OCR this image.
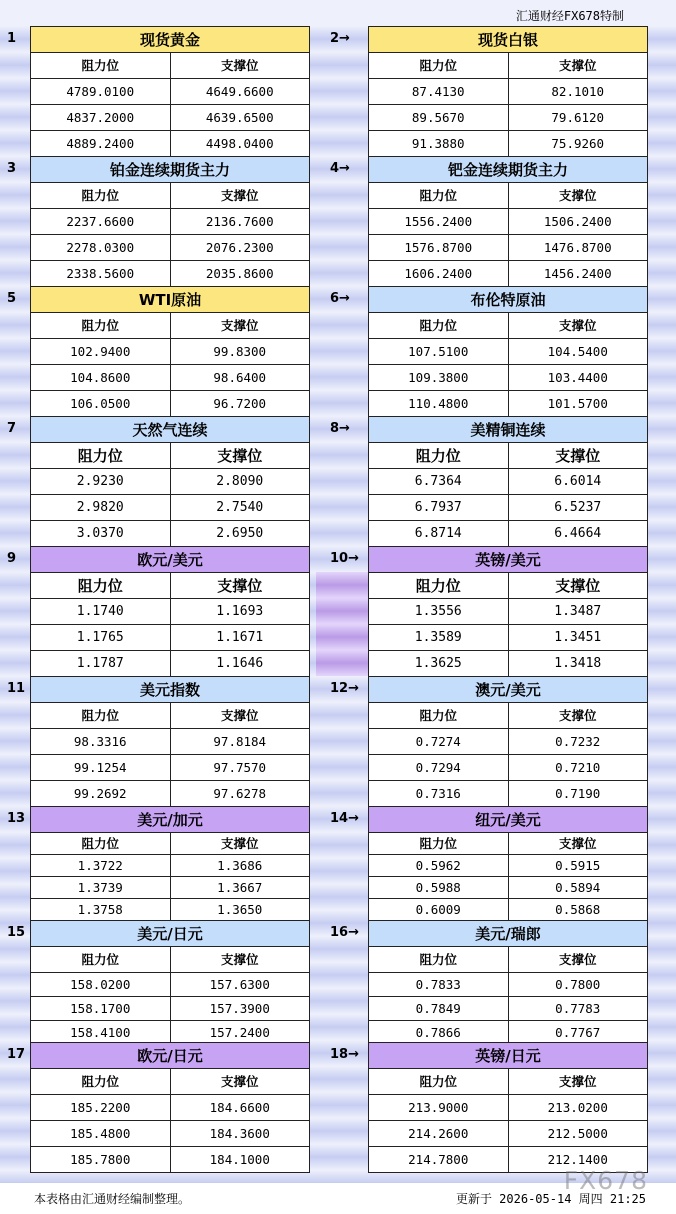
汇通财经FX678特制
1	现货黄金
阻力位	支撑位
4789.0100	4649.6600
4837.2000	4639.6500
4889.2400	4498.0400
2→	现货白银
阻力位	支撑位
87.4130	82.1010
89.5670	79.6120
91.3880	75.9260
3	铂金连续期货主力
阻力位	支撑位
2237.6600	2136.7600
2278.0300	2076.2300
2338.5600	2035.8600
4→	钯金连续期货主力
阻力位	支撑位
1556.2400	1506.2400
1576.8700	1476.8700
1606.2400	1456.2400
5	WTI原油
阻力位	支撑位
102.9400	99.8300
104.8600	98.6400
106.0500	96.7200
6→	布伦特原油
阻力位	支撑位
107.5100	104.5400
109.3800	103.4400
110.4800	101.5700
7	天然气连续
阻力位	支撑位
2.9230	2.8090
2.9820	2.7540
3.0370	2.6950
8→	美精铜连续
阻力位	支撑位
6.7364	6.6014
6.7937	6.5237
6.8714	6.4664
9	欧元/美元
阻力位	支撑位
1.1740	1.1693
1.1765	1.1671
1.1787	1.1646
10→	英镑/美元
阻力位	支撑位
1.3556	1.3487
1.3589	1.3451
1.3625	1.3418
11	美元指数
阻力位	支撑位
98.3316	97.8184
99.1254	97.7570
99.2692	97.6278
12→	澳元/美元
阻力位	支撑位
0.7274	0.7232
0.7294	0.7210
0.7316	0.7190
13	美元/加元
阻力位	支撑位
1.3722	1.3686
1.3739	1.3667
1.3758	1.3650
14→	纽元/美元
阻力位	支撑位
0.5962	0.5915
0.5988	0.5894
0.6009	0.5868
15	美元/日元
阻力位	支撑位
158.0200	157.6300
158.1700	157.3900
158.4100	157.2400
16→	美元/瑞郎
阻力位	支撑位
0.7833	0.7800
0.7849	0.7783
0.7866	0.7767
17	欧元/日元
阻力位	支撑位
185.2200	184.6600
185.4800	184.3600
185.7800	184.1000
18→	英镑/日元
阻力位	支撑位
213.9000	213.0200
214.2600	212.5000
214.7800	212.1400
本表格由汇通财经编制整理。	更新于 2026-05-14 周四 21:25
FX678
